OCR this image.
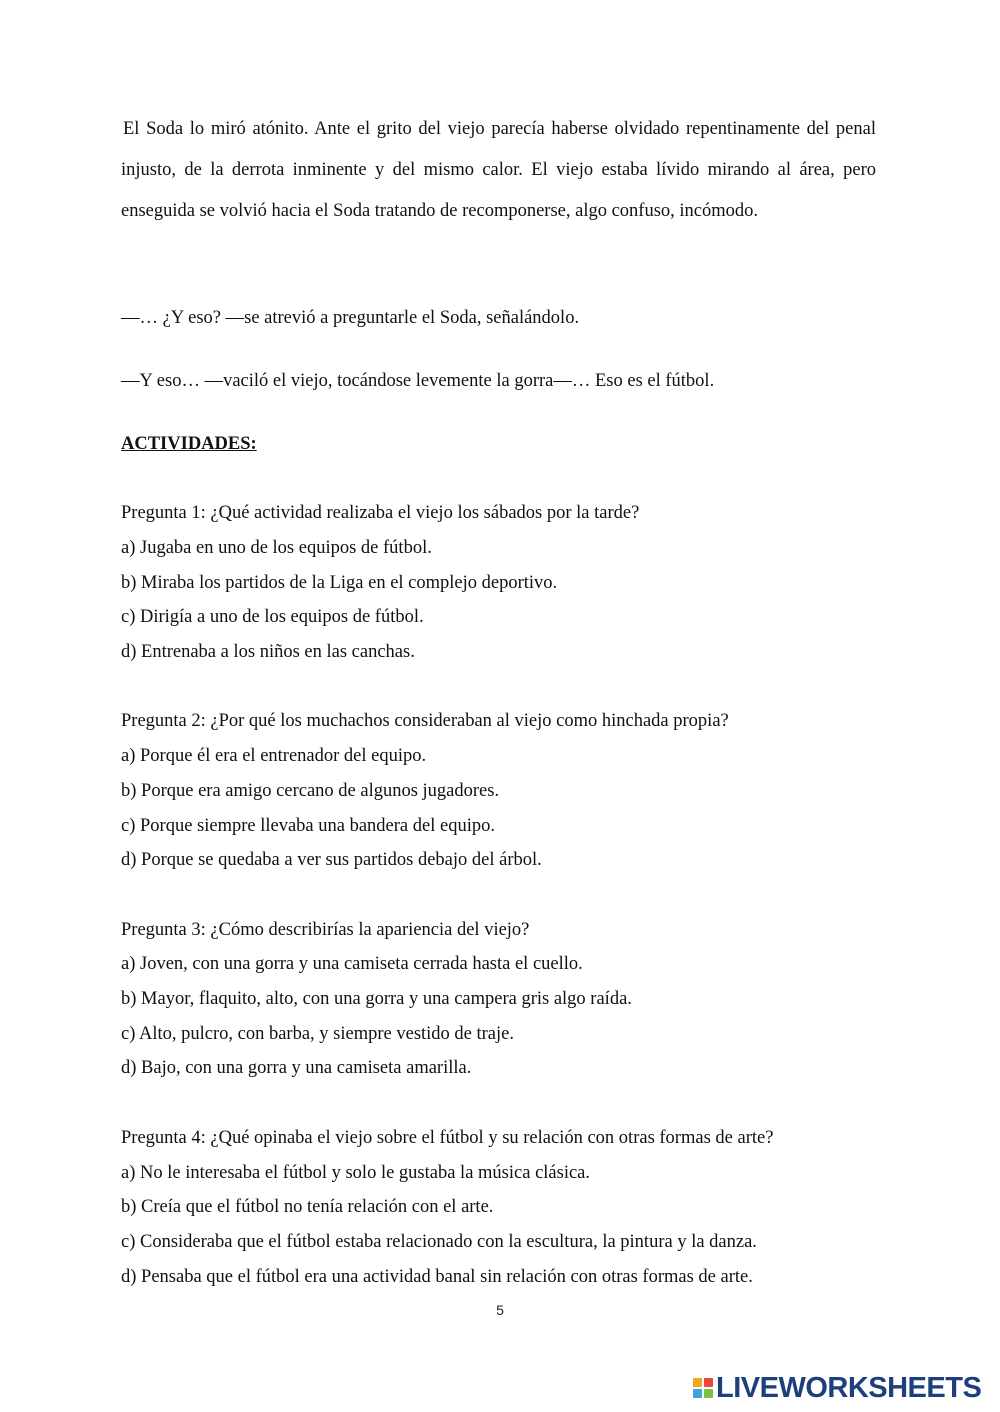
El Soda lo miró atónito. Ante el grito del viejo parecía haberse olvidado repentinamente del penal injusto, de la derrota inminente y del mismo calor. El viejo estaba lívido mirando al área, pero enseguida se volvió hacia el Soda tratando de recomponerse, algo confuso, incómodo.
—… ¿Y eso? —se atrevió a preguntarle el Soda, señalándolo.
—Y eso… —vaciló el viejo, tocándose levemente la gorra—… Eso es el fútbol.
ACTIVIDADES:
Pregunta 1: ¿Qué actividad realizaba el viejo los sábados por la tarde?
a) Jugaba en uno de los equipos de fútbol.
b) Miraba los partidos de la Liga en el complejo deportivo.
c) Dirigía a uno de los equipos de fútbol.
d) Entrenaba a los niños en las canchas.
Pregunta 2: ¿Por qué los muchachos consideraban al viejo como hinchada propia?
a) Porque él era el entrenador del equipo.
b) Porque era amigo cercano de algunos jugadores.
c) Porque siempre llevaba una bandera del equipo.
d) Porque se quedaba a ver sus partidos debajo del árbol.
Pregunta 3: ¿Cómo describirías la apariencia del viejo?
a) Joven, con una gorra y una camiseta cerrada hasta el cuello.
b) Mayor, flaquito, alto, con una gorra y una campera gris algo raída.
c) Alto, pulcro, con barba, y siempre vestido de traje.
d) Bajo, con una gorra y una camiseta amarilla.
Pregunta 4: ¿Qué opinaba el viejo sobre el fútbol y su relación con otras formas de arte?
a) No le interesaba el fútbol y solo le gustaba la música clásica.
b) Creía que el fútbol no tenía relación con el arte.
c) Consideraba que el fútbol estaba relacionado con la escultura, la pintura y la danza.
d) Pensaba que el fútbol era una actividad banal sin relación con otras formas de arte.
5
LIVEWORKSHEETS
